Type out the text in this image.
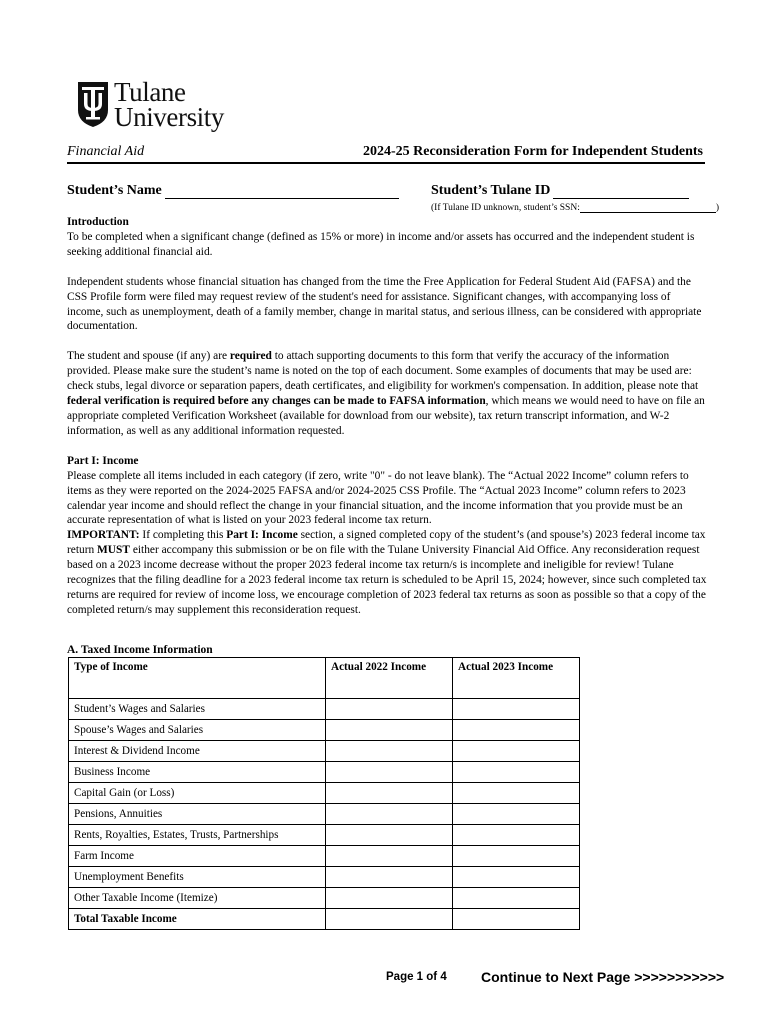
Tulane
University
Financial Aid	2024-25 Reconsideration Form for Independent Students
Student’s Name	Student’s Tulane ID
(If Tulane ID unknown, student’s SSN:	)

Introduction

To be completed when a significant change (defined as 15% or more) in income and/or assets has occurred and the independent student is seeking additional financial aid.

Independent students whose financial situation has changed from the time the Free Application for Federal Student Aid (FAFSA) and the CSS Profile form were filed may request review of the student's need for assistance. Significant changes, with accompanying loss of income, such as unemployment, death of a family member, change in marital status, and serious illness, can be considered with appropriate documentation.

The student and spouse (if any) are required to attach supporting documents to this form that verify the accuracy of the information provided. Please make sure the student’s name is noted on the top of each document. Some examples of documents that may be used are: check stubs, legal divorce or separation papers, death certificates, and eligibility for workmen's compensation. In addition, please note that federal verification is required before any changes can be made to FAFSA information, which means we would need to have on file an appropriate completed Verification Worksheet (available for download from our website), tax return transcript information, and W-2 information, as well as any additional information requested.

Part I: Income

Please complete all items included in each category (if zero, write "0" - do not leave blank). The “Actual 2022 Income” column refers to items as they were reported on the 2024-2025 FAFSA and/or 2024-2025 CSS Profile. The “Actual 2023 Income” column refers to 2023 calendar year income and should reflect the change in your financial situation, and the income information that you provide must be an accurate representation of what is listed on your 2023 federal income tax return.

IMPORTANT: If completing this Part I: Income section, a signed completed copy of the student’s (and spouse’s) 2023 federal income tax return MUST either accompany this submission or be on file with the Tulane University Financial Aid Office. Any reconsideration request based on a 2023 income decrease without the proper 2023 federal income tax return/s is incomplete and ineligible for review! Tulane recognizes that the filing deadline for a 2023 federal income tax return is scheduled to be April 15, 2024; however, since such completed tax returns are required for review of income loss, we encourage completion of 2023 federal tax returns as soon as possible so that a copy of the completed return/s may supplement this reconsideration request.

A. Taxed Income Information
Type of Income	Actual 2022 Income	Actual 2023 Income
Student’s Wages and Salaries		
Spouse’s Wages and Salaries		
Interest & Dividend Income		
Business Income		
Capital Gain (or Loss)		
Pensions, Annuities		
Rents, Royalties, Estates, Trusts, Partnerships		
Farm Income		
Unemployment Benefits		
Other Taxable Income (Itemize)		
Total Taxable Income		
Page 1 of 4 Continue to Next Page >>>>>>>>>>>
